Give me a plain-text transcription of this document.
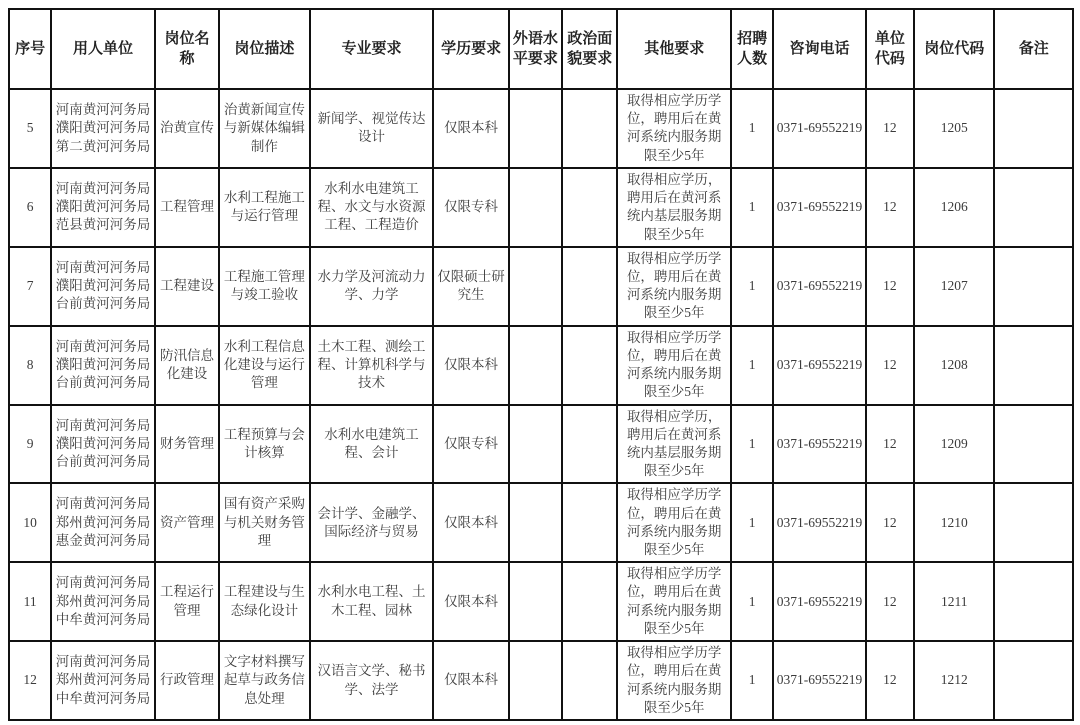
序号	用人单位	岗位名称	岗位描述	专业要求	学历要求	外语水平要求	政治面貌要求	其他要求	招聘人数	咨询电话	单位代码	岗位代码	备注
5	河南黄河河务局濮阳黄河河务局第二黄河河务局	治黄宣传	治黄新闻宣传与新媒体编辑制作	新闻学、视觉传达设计	仅限本科			取得相应学历学位，聘用后在黄河系统内服务期限至少5年	1	0371-69552219	12	1205	
6	河南黄河河务局濮阳黄河河务局范县黄河河务局	工程管理	水利工程施工与运行管理	水利水电建筑工程、水文与水资源工程、工程造价	仅限专科			取得相应学历，聘用后在黄河系统内基层服务期限至少5年	1	0371-69552219	12	1206	
7	河南黄河河务局濮阳黄河河务局台前黄河河务局	工程建设	工程施工管理与竣工验收	水力学及河流动力学、力学	仅限硕士研究生			取得相应学历学位，聘用后在黄河系统内服务期限至少5年	1	0371-69552219	12	1207	
8	河南黄河河务局濮阳黄河河务局台前黄河河务局	防汛信息化建设	水利工程信息化建设与运行管理	土木工程、测绘工程、计算机科学与技术	仅限本科			取得相应学历学位，聘用后在黄河系统内服务期限至少5年	1	0371-69552219	12	1208	
9	河南黄河河务局濮阳黄河河务局台前黄河河务局	财务管理	工程预算与会计核算	水利水电建筑工程、会计	仅限专科			取得相应学历，聘用后在黄河系统内基层服务期限至少5年	1	0371-69552219	12	1209	
10	河南黄河河务局郑州黄河河务局惠金黄河河务局	资产管理	国有资产采购与机关财务管理	会计学、金融学、国际经济与贸易	仅限本科			取得相应学历学位，聘用后在黄河系统内服务期限至少5年	1	0371-69552219	12	1210	
11	河南黄河河务局郑州黄河河务局中牟黄河河务局	工程运行管理	工程建设与生态绿化设计	水利水电工程、土木工程、园林	仅限本科			取得相应学历学位，聘用后在黄河系统内服务期限至少5年	1	0371-69552219	12	1211	
12	河南黄河河务局郑州黄河河务局中牟黄河河务局	行政管理	文字材料撰写起草与政务信息处理	汉语言文学、秘书学、法学	仅限本科			取得相应学历学位，聘用后在黄河系统内服务期限至少5年	1	0371-69552219	12	1212	
